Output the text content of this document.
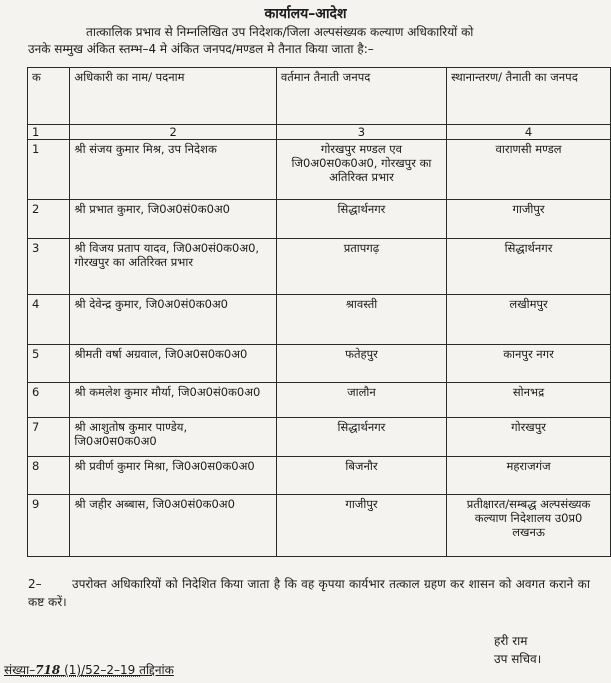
कार्यालय–आदेश
तात्कालिक प्रभाव से निम्नलिखित उप निदेशक/जिला अल्पसंख्यक कल्याण अधिकारियों को
उनके सम्मुख अंकित स्तम्भ–4 मे अंकित जनपद/मण्डल मे तैनात किया जाता है:–
क	अधिकारी का नाम/ पदनाम	वर्तमान तैनाती जनपद	स्थानान्तरण/ तैनाती का जनपद
1	2	3	4
1	श्री संजय कुमार मिश्र, उप निदेशक	गोरखपुर मण्डल एव जि0अ0स0क0अ0, गोरखपुर का अतिरिक्त प्रभार	वाराणसी मण्डल
2	श्री प्रभात कुमार, जि0अ0सं0क0अ0	सिद्धार्थनगर	गाजीपुर
3	श्री विजय प्रताप यादव, जि0अ0सं0क0अ0, गोरखपुर का अतिरिक्त प्रभार	प्रतापगढ़	सिद्धार्थनगर
4	श्री देवेन्द्र कुमार, जि0अ0सं0क0अ0	श्रावस्ती	लखीमपुर
5	श्रीमती वर्षा अग्रवाल, जि0अ0स0क0अ0	फतेहपुर	कानपुर नगर
6	श्री कमलेश कुमार मौर्या, जि0अ0सं0क0अ0	जालौन	सोनभद्र
7	श्री आशुतोष कुमार पाण्डेय, जि0अ0स0क0अ0	सिद्धार्थनगर	गोरखपुर
8	श्री प्रवीर्ण कुमार मिश्रा, जि0अ0स0क0अ0	बिजनौर	महराजगंज
9	श्री जहीर अब्बास, जि0अ0सं0क0अ0	गाजीपुर	प्रतीक्षारत/सम्बद्ध अल्पसंख्यक कल्याण निदेशालय उ0प्र0 लखनऊ
2–	उपरोक्त अधिकारियों को निदेशित किया जाता है कि वह कृपया कार्यभार तत्काल ग्रहण कर शासन को अवगत कराने का कष्ट करें।
हरी राम
उप सचिव।
संख्या–718 (1)/52–2–19 तद्दिनांक
